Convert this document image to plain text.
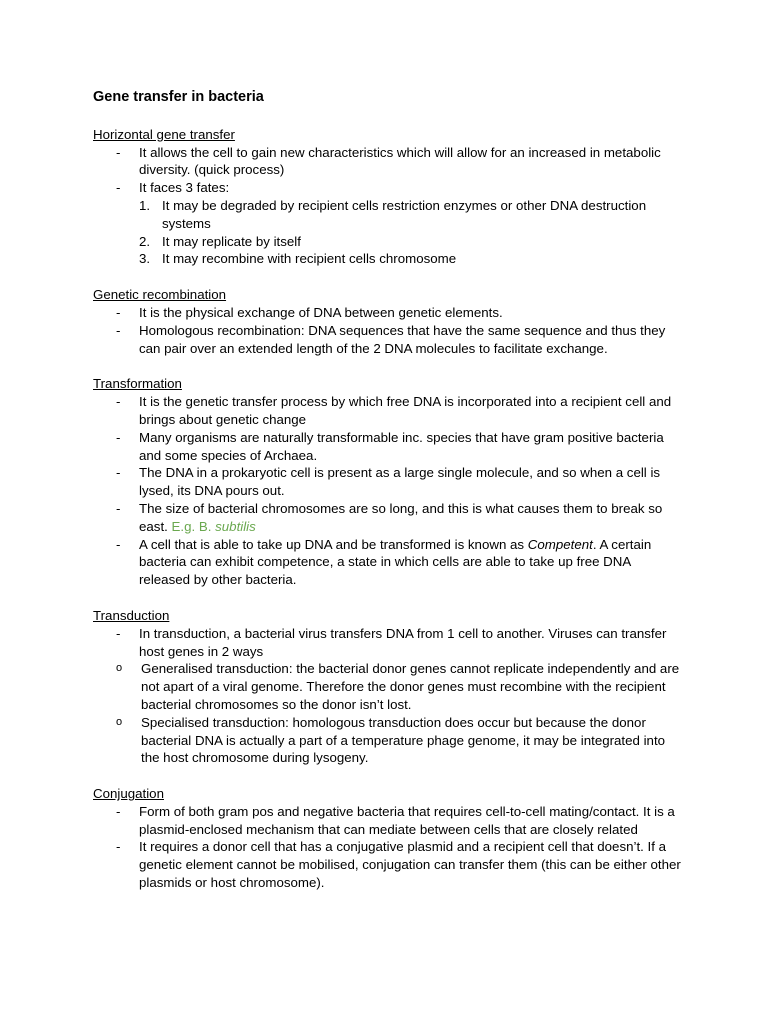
Gene transfer in bacteria

Horizontal gene transfer

- It allows the cell to gain new characteristics which will allow for an increased in metabolic diversity. (quick process)
- It faces 3 fates:
1. It may be degraded by recipient cells restriction enzymes or other DNA destruction systems
2. It may replicate by itself
3. It may recombine with recipient cells chromosome

Genetic recombination

- It is the physical exchange of DNA between genetic elements.
- Homologous recombination: DNA sequences that have the same sequence and thus they can pair over an extended length of the 2 DNA molecules to facilitate exchange.

Transformation

- It is the genetic transfer process by which free DNA is incorporated into a recipient cell and brings about genetic change
- Many organisms are naturally transformable inc. species that have gram positive bacteria and some species of Archaea.
- The DNA in a prokaryotic cell is present as a large single molecule, and so when a cell is lysed, its DNA pours out.
- The size of bacterial chromosomes are so long, and this is what causes them to break so east. E.g. B. subtilis
- A cell that is able to take up DNA and be transformed is known as Competent. A certain bacteria can exhibit competence, a state in which cells are able to take up free DNA released by other bacteria.

Transduction

- In transduction, a bacterial virus transfers DNA from 1 cell to another. Viruses can transfer host genes in 2 ways
o Generalised transduction: the bacterial donor genes cannot replicate independently and are not apart of a viral genome. Therefore the donor genes must recombine with the recipient bacterial chromosomes so the donor isn’t lost.
o Specialised transduction: homologous transduction does occur but because the donor bacterial DNA is actually a part of a temperature phage genome, it may be integrated into the host chromosome during lysogeny.

Conjugation

- Form of both gram pos and negative bacteria that requires cell-to-cell mating/contact. It is a plasmid-enclosed mechanism that can mediate between cells that are closely related
- It requires a donor cell that has a conjugative plasmid and a recipient cell that doesn’t. If a genetic element cannot be mobilised, conjugation can transfer them (this can be either other plasmids or host chromosome).
